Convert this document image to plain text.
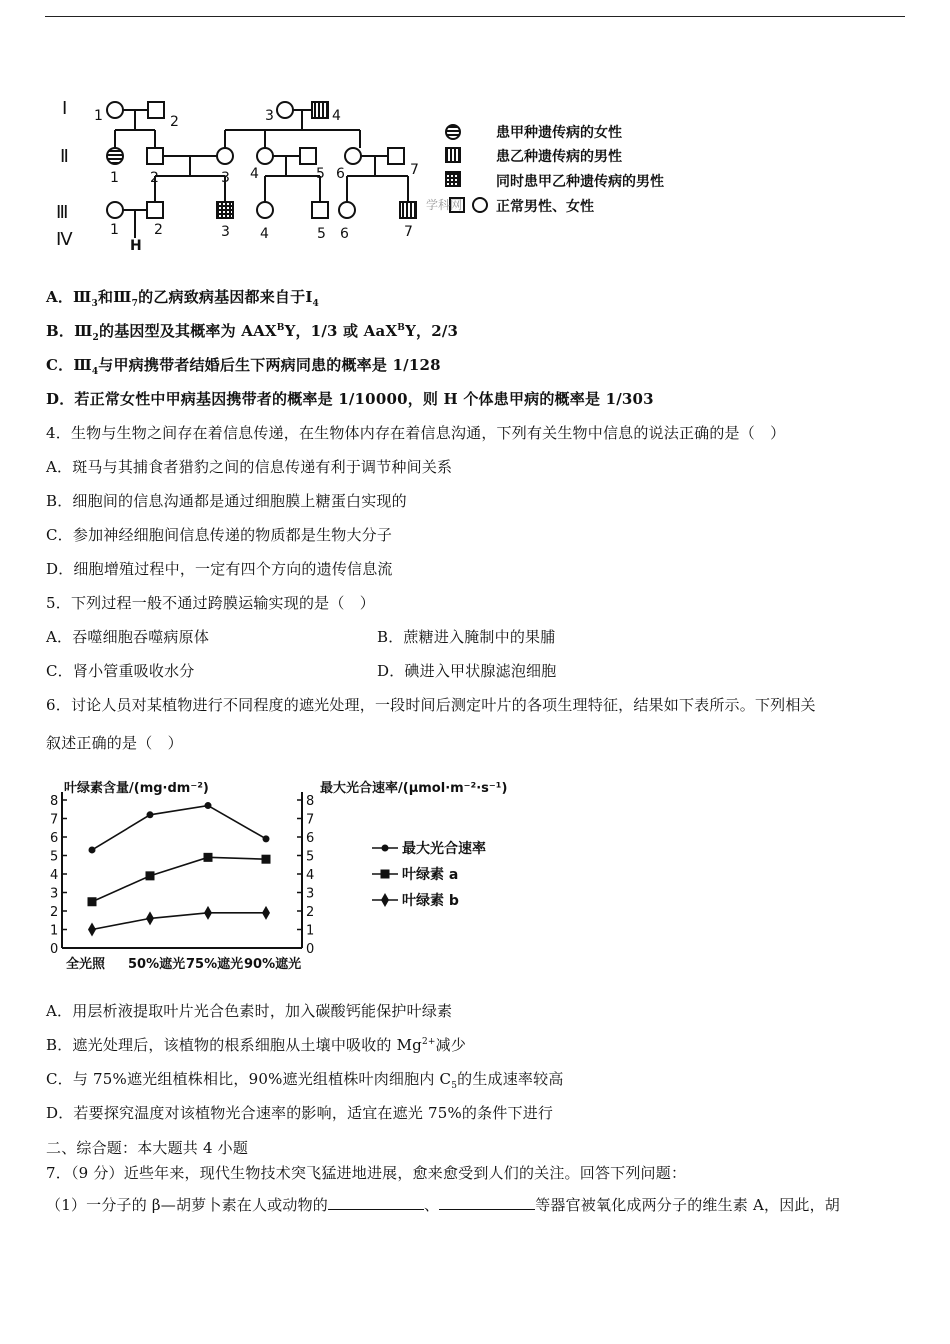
Ⅰ
Ⅱ
Ⅲ
Ⅳ
1	2	3	4
1 2	3 4	5 6	7
1	2	3 4	5 6	7
H
患甲种遗传病的女性
患乙种遗传病的男性
同时患甲乙种遗传病的男性
正常男性、女性
学科网
A．$Ⅲ_3$和$Ⅲ_7$的乙病致病基因都来自于$Ⅰ_4$
B．$Ⅲ_2$的基因型及其概率为 $AAX^BY$，1/3 或 AaX$^B$Y，2/3
C．$Ⅲ_4$与甲病携带者结婚后生下两病同患的概率是 1/128
D．若正常女性中甲病基因携带者的概率是 1/10000，则 H 个体患甲病的概率是 1/303
4．生物与生物之间存在着信息传递，在生物体内存在着信息沟通，下列有关生物中信息的说法正确的是（　）
A．斑马与其捕食者猎豹之间的信息传递有利于调节种间关系
B．细胞间的信息沟通都是通过细胞膜上糖蛋白实现的
C．参加神经细胞间信息传递的物质都是生物大分子
D．细胞增殖过程中，一定有四个方向的遗传信息流
5．下列过程一般不通过跨膜运输实现的是（　）
A．吞噬细胞吞噬病原体	B．蔗糖进入腌制中的果脯
C．肾小管重吸收水分	D．碘进入甲状腺滤泡细胞
6．讨论人员对某植物进行不同程度的遮光处理，一段时间后测定叶片的各项生理特征，结果如下表所示。下列相关
叙述正确的是（　）
0	0
1	1
2	2
3	3
4	4
5	5
6	6
7	7
8	8
叶绿素含量/(mg·dm⁻²)	最大光合速率/(μmol·m⁻²·s⁻¹)
全光照 50%遮光 75%遮光 90%遮光
最大光合速率
叶绿素 a
叶绿素 b
A．用层析液提取叶片光合色素时，加入碳酸钙能保护叶绿素
B．遮光处理后，该植物的根系细胞从土壤中吸收的 $Mg^{2+}$减少
C．与 75%遮光组植株相比，90%遮光组植株叶肉细胞内 $C_5$的生成速率较高
D．若要探究温度对该植物光合速率的影响，适宜在遮光 75%的条件下进行
二、综合题：本大题共 4 小题
7．（9 分）近些年来，现代生物技术突飞猛进地进展，愈来愈受到人们的关注。回答下列问题：
（1）一分子的 β—胡萝卜素在人或动物的	、	等器官被氧化成两分子的维生素 A，因此，胡
